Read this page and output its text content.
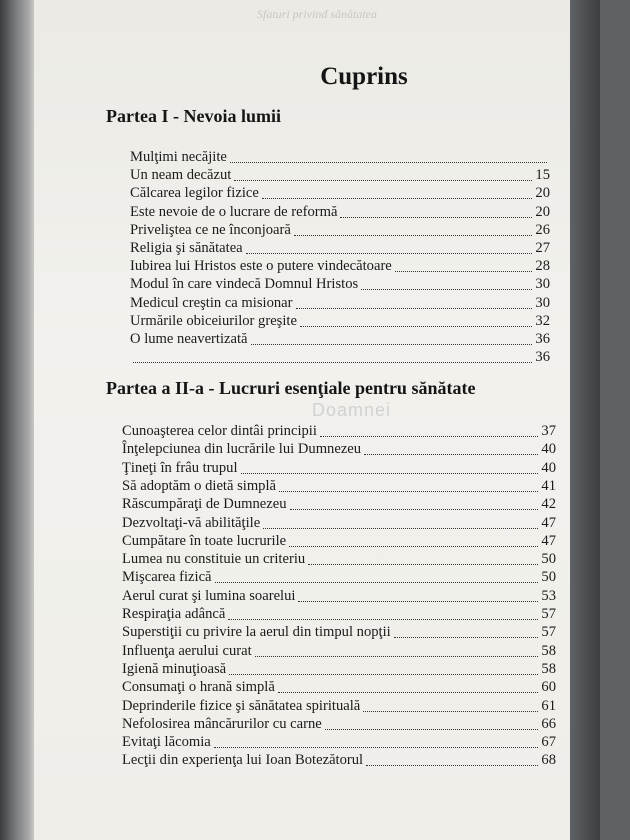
Sfaturi privind sănătatea
Cuprins
Partea I - Nevoia lumii
Mulţimi necăjite
Un neam decăzut	15
Călcarea legilor fizice	20
Este nevoie de o lucrare de reformă	20
Priveliştea ce ne înconjoară	26
Religia şi sănătatea	27
Iubirea lui Hristos este o putere vindecătoare	28
Modul în care vindecă Domnul Hristos	30
Medicul creştin ca misionar	30
Urmările obiceiurilor greşite	32
O lume neavertizată	36
36
Partea a II-a - Lucruri esenţiale pentru sănătate
Cunoaşterea celor dintâi principii	37
Înţelepciunea din lucrările lui Dumnezeu	40
Ţineţi în frâu trupul	40
Să adoptăm o dietă simplă	41
Răscumpăraţi de Dumnezeu	42
Dezvoltaţi-vă abilităţile	47
Cumpătare în toate lucrurile	47
Lumea nu constituie un criteriu	50
Mişcarea fizică	50
Aerul curat şi lumina soarelui	53
Respiraţia adâncă	57
Superstiţii cu privire la aerul din timpul nopţii	57
Influenţa aerului curat	58
Igienă minuţioasă	58
Consumaţi o hrană simplă	60
Deprinderile fizice şi sănătatea spirituală	61
Nefolosirea mâncărurilor cu carne	66
Evitaţi lăcomia	67
Lecţii din experienţa lui Ioan Botezătorul	68
Doamnei
